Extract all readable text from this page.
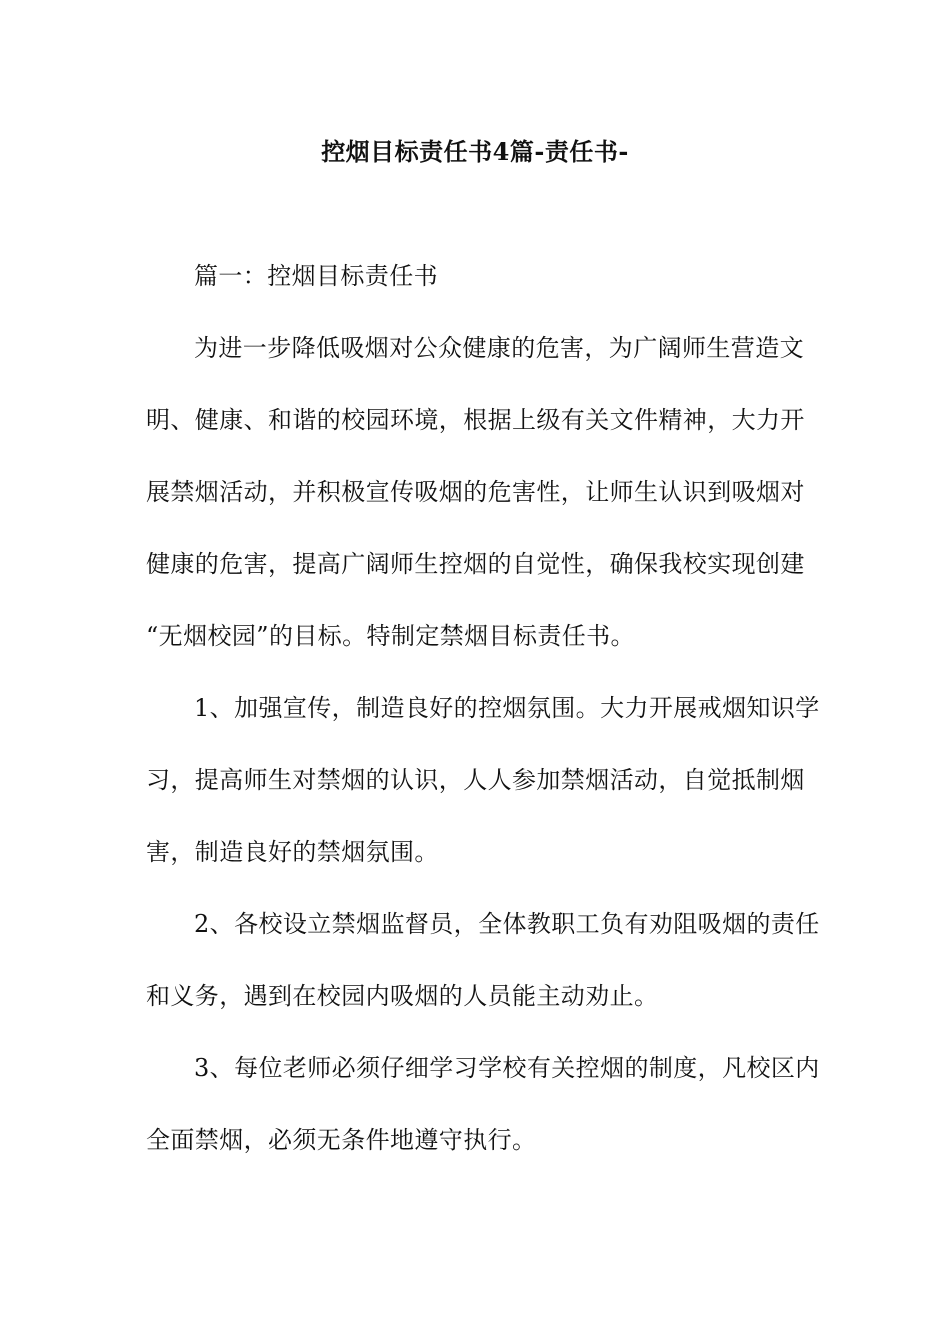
控烟目标责任书4篇-责任书-
篇一：控烟目标责任书
为进一步降低吸烟对公众健康的危害，为广阔师生营造文
明、健康、和谐的校园环境，根据上级有关文件精神，大力开
展禁烟活动，并积极宣传吸烟的危害性，让师生认识到吸烟对
健康的危害，提高广阔师生控烟的自觉性，确保我校实现创建
“无烟校园”的目标。特制定禁烟目标责任书。
1、加强宣传，制造良好的控烟氛围。大力开展戒烟知识学
习，提高师生对禁烟的认识，人人参加禁烟活动，自觉抵制烟
害，制造良好的禁烟氛围。
2、各校设立禁烟监督员，全体教职工负有劝阻吸烟的责任
和义务，遇到在校园内吸烟的人员能主动劝止。
3、每位老师必须仔细学习学校有关控烟的制度，凡校区内
全面禁烟，必须无条件地遵守执行。
